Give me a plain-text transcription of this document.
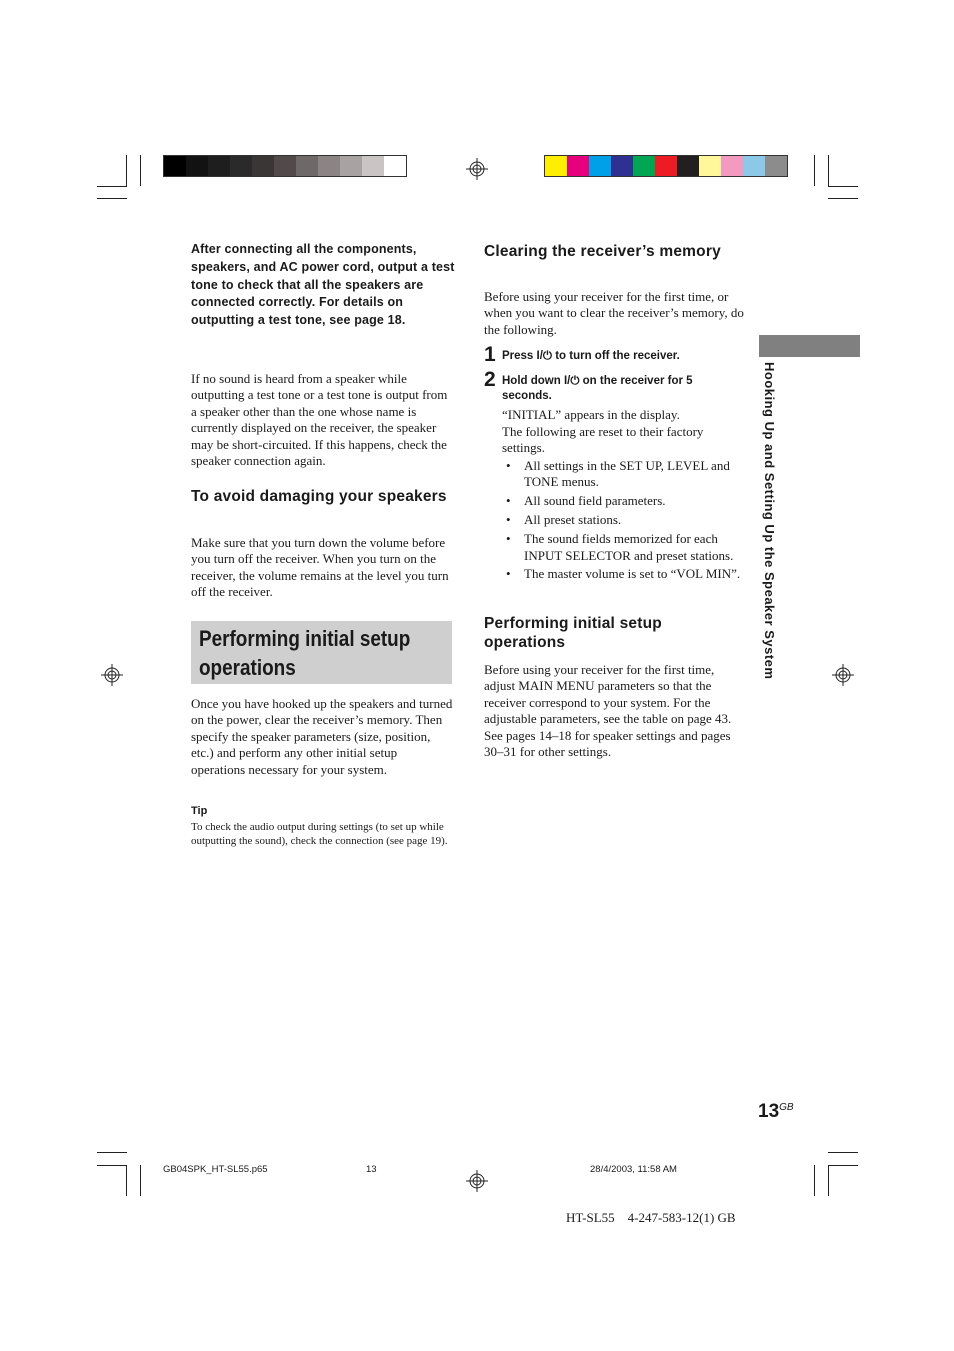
After connecting all the components, speakers, and AC power cord, output a test tone to check that all the speakers are connected correctly. For details on outputting a test tone, see page 18.
If no sound is heard from a speaker while outputting a test tone or a test tone is output from a speaker other than the one whose name is currently displayed on the receiver, the speaker may be short-circuited. If this happens, check the speaker connection again.
To avoid damaging your speakers
Make sure that you turn down the volume before you turn off the receiver. When you turn on the receiver, the volume remains at the level you turn off the receiver.
Performing initial setup operations
Once you have hooked up the speakers and turned on the power, clear the receiver’s memory. Then specify the speaker parameters (size, position, etc.) and perform any other initial setup operations necessary for your system.
Tip
To check the audio output during settings (to set up while outputting the sound), check the connection (see page 19).
Clearing the receiver’s memory
Before using your receiver for the first time, or when you want to clear the receiver’s memory, do the following.
1 Press I/⏻ to turn off the receiver.
2 Hold down I/⏻ on the receiver for 5 seconds.
“INITIAL” appears in the display.
The following are reset to their factory settings.
• All settings in the SET UP, LEVEL and TONE menus.
• All sound field parameters.
• All preset stations.
• The sound fields memorized for each INPUT SELECTOR and preset stations.
• The master volume is set to “VOL MIN”.
Performing initial setup operations
Before using your receiver for the first time, adjust MAIN MENU parameters so that the receiver correspond to your system. For the adjustable parameters, see the table on page 43. See pages 14–18 for speaker settings and pages 30–31 for other settings.
Hooking Up and Setting Up the Speaker System
$13^{GB}$
GB04SPK_HT-SL55.p65	13	28/4/2003, 11:58 AM
HT-SL55    4-247-583-12(1) GB
